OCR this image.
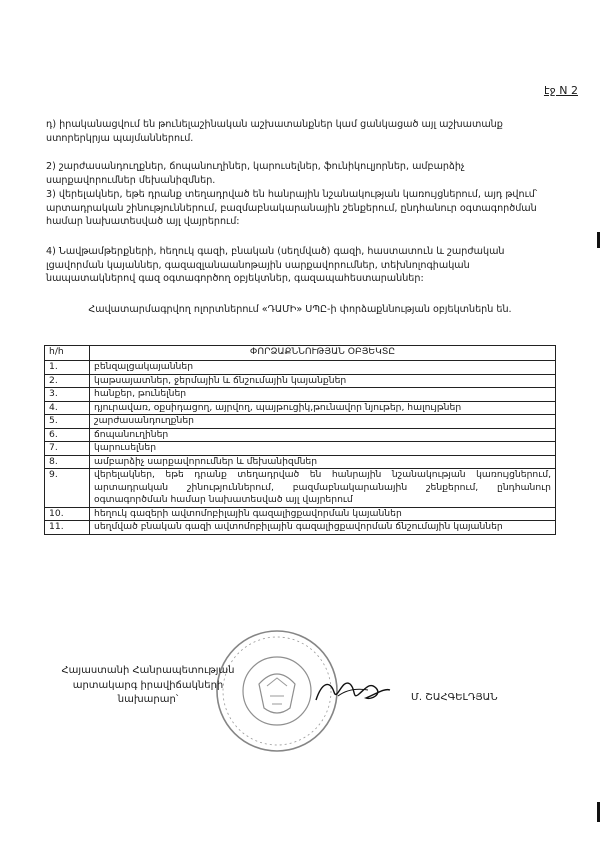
էջ N 2
դ) իրականացվում են թունելաշինական աշխատանքներ կամ ցանկացած այլ աշխատանք ստորերկրյա պայմաններում.
2) շարժասանդուղքներ, ճոպանուղիներ, կարուսելներ, ֆունիկուլյորներ, ամբարձիչ սարքավորումներ մեխանիզմներ.
3) վերելակներ, եթե դրանք տեղադրված են հանրային նշանակության կառույցներում, այդ թվում՝ արտադրական շինություններում, բազմաբնակարանային շենքերում, ընդհանուր օգտագործման համար նախատեսված այլ վայրերում:
4) Նավթամթերքների, հեղուկ գազի, բնական (սեղմված) գազի, հաստատուն և շարժական լցավորման կայաններ, գազազլանաանոթային սարքավորումներ, տեխնոլոգիական նապատակներով գազ օգտագործող օբյեկտներ, գազապահեստարաններ:
Հավատարմագրվող ոլորտներում «ԴԱՄԻ» ՍՊԸ-ի փորձաքննության օբյեկտներն են.
հ/հ	ՓՈՐՁԱՔՆՆՈՒԹՅԱՆ ՕԲՅԵԿՏԸ
1.	բենզալցակայաններ
2.	կաթսայատներ, ջերմային և ճնշումային կայանքներ
3.	հանքեր, թունելներ
4.	դյուրավառ, օքսիդացող, այրվող, պայթուցիկ,թունավոր նյութեր, հալույթներ
5.	շարժասանդուղքներ
6.	ճոպանուղիներ
7.	կարուսելներ
8.	ամբարձիչ սարքավորումներ և մեխանիզմներ
9.	վերելակներ, եթե դրանք տեղադրված են հանրային նշանակության կառույցներում, արտադրական շինություններում, բազմաբնակարանային շենքերում, ընդհանուր օգտագործման համար նախատեսված այլ վայրերում
10.	հեղուկ գազերի ավտոմոբիլային գազալիցքավորման կայաններ
11.	սեղմված բնական գազի ավտոմոբիլային գազալիցքավորման ճնշումային կայաններ
Հայաստանի Հանրապետության
արտակարգ իրավիճակների
նախարար՝	Մ. ՇԱՀԳԵԼԴՅԱՆ
